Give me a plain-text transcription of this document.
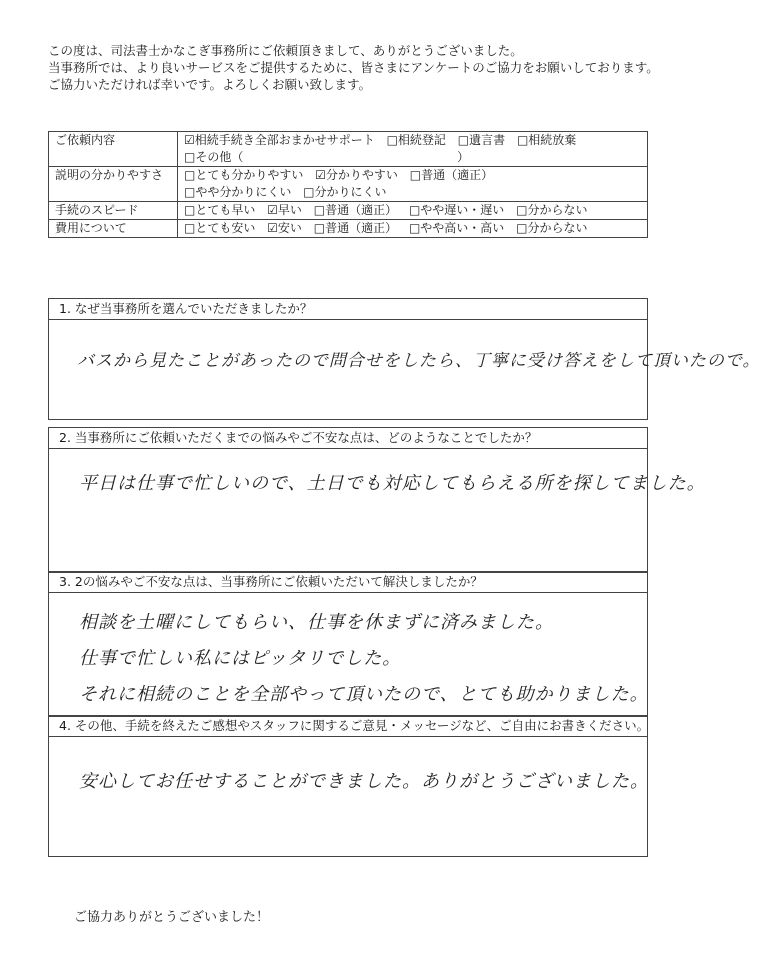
この度は、司法書士かなこぎ事務所にご依頼頂きまして、ありがとうございました。
当事務所では、より良いサービスをご提供するために、皆さまにアンケートのご協力をお願いしております。
ご協力いただければ幸いです。よろしくお願い致します。
ご依頼内容	☑相続手続き全部おまかせサポート □相続登記 □遺言書 □相続放棄
□その他（ ）

説明の分かりやすさ	□とても分かりやすい ☑分かりやすい □普通（適正）
□やや分かりにくい □分かりにくい

手続のスピード	□とても早い ☑早い □普通（適正） □やや遅い・遅い □分からない
費用について	□とても安い ☑安い □普通（適正） □やや高い・高い □分からない
1. なぜ当事務所を選んでいただきましたか？
バスから見たことがあったので問合せをしたら、丁寧に受け答えをして頂いたので。
2. 当事務所にご依頼いただくまでの悩みやご不安な点は、どのようなことでしたか？
平日は仕事で忙しいので、土日でも対応してもらえる所を探してました。
3. 2の悩みやご不安な点は、当事務所にご依頼いただいて解決しましたか？
相談を土曜にしてもらい、仕事を休まずに済みました。
仕事で忙しい私にはピッタリでした。
それに相続のことを全部やって頂いたので、とても助かりました。
4. その他、手続を終えたご感想やスタッフに関するご意見・メッセージなど、ご自由にお書きください。
安心してお任せすることができました。ありがとうございました。
ご協力ありがとうございました！
